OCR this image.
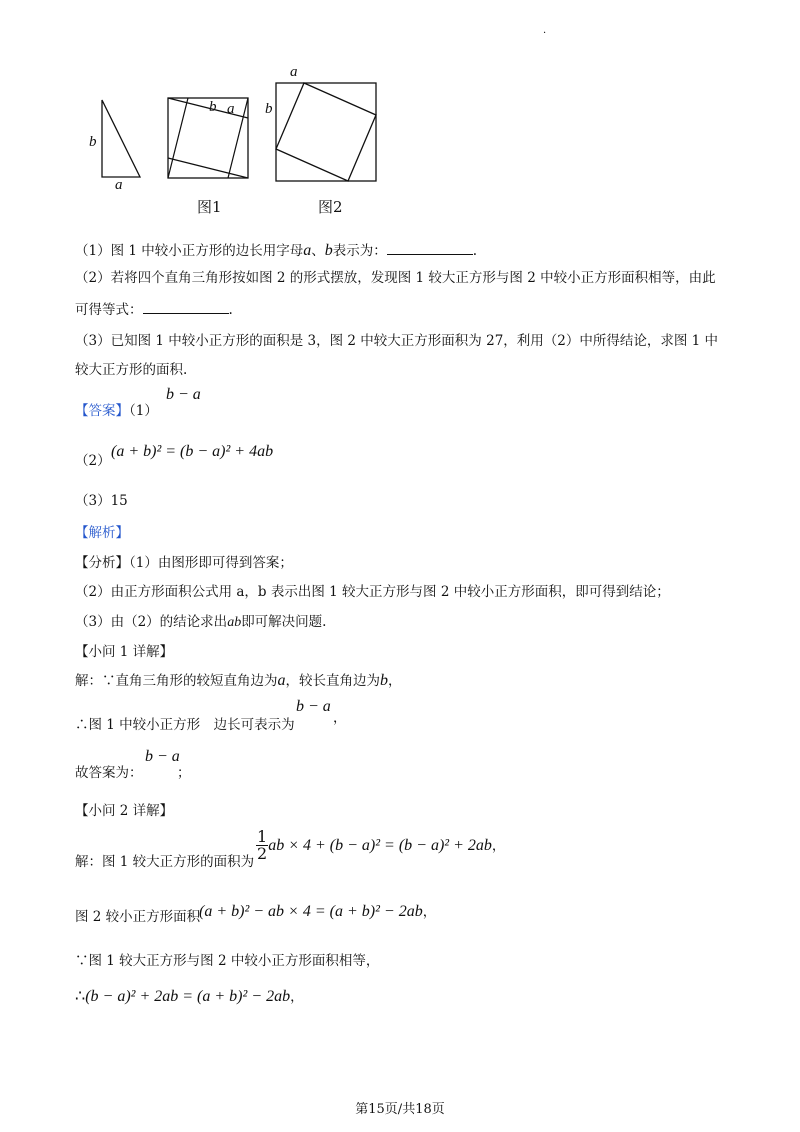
·
b
a
b a
a
b
图1	图2
（1）图 1 中较小正方形的边长用字母a、b表示为：	.
（2）若将四个直角三角形按如图 2 的形式摆放，发现图 1 较大正方形与图 2 中较小正方形面积相等，由此
可得等式：	.
（3）已知图 1 中较小正方形的面积是 3，图 2 中较大正方形面积为 27，利用（2）中所得结论，求图 1 中
较大正方形的面积.
【答案】（1）
b − a
（2）
(a + b)² = (b − a)² + 4ab
（3）15
【解析】
【分析】（1）由图形即可得到答案；
（2）由正方形面积公式用 a，b 表示出图 1 较大正方形与图 2 中较小正方形面积，即可得到结论；
（3）由（2）的结论求出ab即可解决问题.
【小问 1 详解】
解：∵直角三角形的较短直角边为a，较长直角边为b，
∴图 1 中较小正方形　边长可表示为
b − a
，
故答案为：
b − a
；
【小问 2 详解】
解：图 1 较大正方形的面积为 $\frac{1}{2}$ ab × 4 + (b − a)² = (b − a)² + 2ab，
图 2 较小正方形面积
(a + b)² − ab × 4 = (a + b)² − 2ab，
∵图 1 较大正方形与图 2 中较小正方形面积相等，
∴(b − a)² + 2ab = (a + b)² − 2ab，
第15页/共18页
